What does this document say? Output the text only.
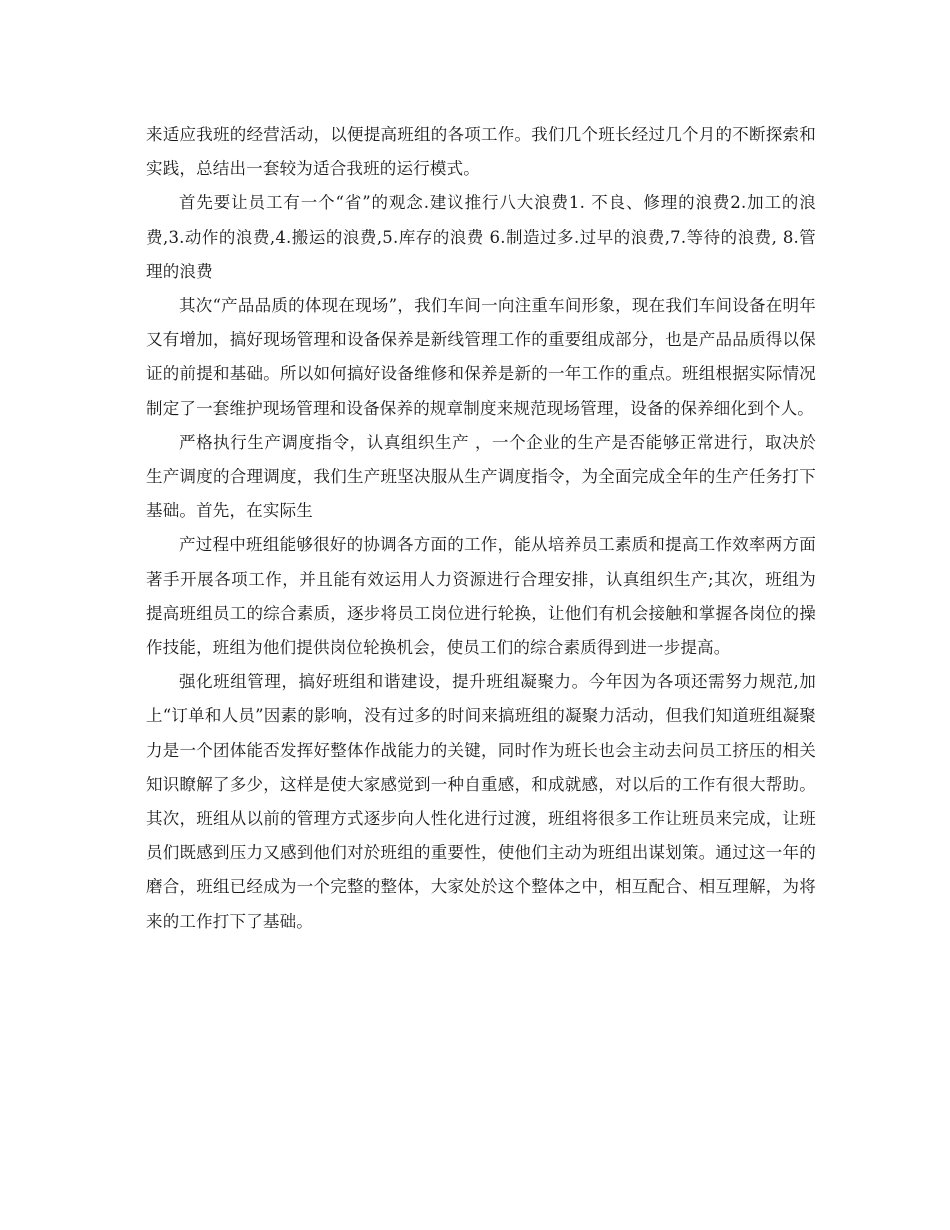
来适应我班的经营活动，以便提高班组的各项工作。我们几个班长经过几个月的不断探索和实践，总结出一套较为适合我班的运行模式。

首先要让员工有一个“省”的观念.建议推行八大浪费1. 不良、修理的浪费2.加工的浪费,3.动作的浪费,4.搬运的浪费,5.库存的浪费 6.制造过多.过早的浪费,7.等待的浪费, 8.管理的浪费

其次“产品品质的体现在现场”，我们车间一向注重车间形象，现在我们车间设备在明年又有增加，搞好现场管理和设备保养是新线管理工作的重要组成部分，也是产品品质得以保证的前提和基础。所以如何搞好设备维修和保养是新的一年工作的重点。班组根据实际情况制定了一套维护现场管理和设备保养的规章制度来规范现场管理，设备的保养细化到个人。

严格执行生产调度指令，认真组织生产 ，一个企业的生产是否能够正常进行，取决於生产调度的合理调度，我们生产班坚决服从生产调度指令，为全面完成全年的生产任务打下基础。首先，在实际生

产过程中班组能够很好的协调各方面的工作，能从培养员工素质和提高工作效率两方面著手开展各项工作，并且能有效运用人力资源进行合理安排，认真组织生产;其次，班组为提高班组员工的综合素质，逐步将员工岗位进行轮换，让他们有机会接触和掌握各岗位的操作技能，班组为他们提供岗位轮换机会，使员工们的综合素质得到进一步提高。

强化班组管理，搞好班组和谐建设，提升班组凝聚力。今年因为各项还需努力规范,加上“订单和人员”因素的影响，没有过多的时间来搞班组的凝聚力活动，但我们知道班组凝聚力是一个团体能否发挥好整体作战能力的关键，同时作为班长也会主动去问员工挤压的相关知识瞭解了多少，这样是使大家感觉到一种自重感，和成就感，对以后的工作有很大帮助。其次，班组从以前的管理方式逐步向人性化进行过渡，班组将很多工作让班员来完成，让班员们既感到压力又感到他们对於班组的重要性，使他们主动为班组出谋划策。通过这一年的磨合，班组已经成为一个完整的整体，大家处於这个整体之中，相互配合、相互理解，为将来的工作打下了基础。
